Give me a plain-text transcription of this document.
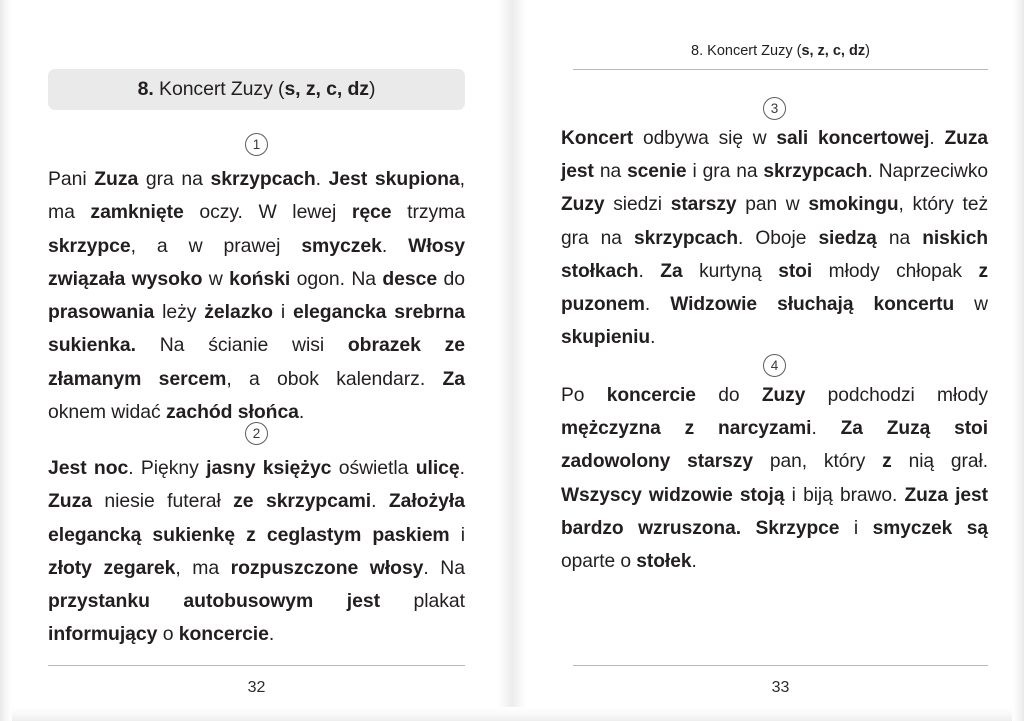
8. Koncert Zuzy (s, z, c, dz)
1
Pani Zuza gra na skrzypcach. Jest skupiona, ma zamknięte oczy. W lewej ręce trzyma skrzypce, a w prawej smyczek. Włosy związała wysoko w koński ogon. Na desce do prasowania leży żelazko i elegancka srebrna sukienka. Na ścianie wisi obrazek ze złamanym sercem, a obok kalendarz. Za oknem widać zachód słońca.
2
Jest noc. Piękny jasny księżyc oświetla ulicę. Zuza niesie futerał ze skrzypcami. Założyła elegancką sukienkę z ceglastym paskiem i złoty zegarek, ma rozpuszczone włosy. Na przystanku autobusowym jest plakat informujący o koncercie.
32
8. Koncert Zuzy (s, z, c, dz)
3
Koncert odbywa się w sali koncertowej. Zuza jest na scenie i gra na skrzypcach. Naprzeciwko Zuzy siedzi starszy pan w smokingu, który też gra na skrzypcach. Oboje siedzą na niskich stołkach. Za kurtyną stoi młody chłopak z puzonem. Widzowie słuchają koncertu w skupieniu.
4
Po koncercie do Zuzy podchodzi młody mężczyzna z narcyzami. Za Zuzą stoi zadowolony starszy pan, który z nią grał. Wszyscy widzowie stoją i biją brawo. Zuza jest bardzo wzruszona. Skrzypce i smyczek są oparte o stołek.
33
